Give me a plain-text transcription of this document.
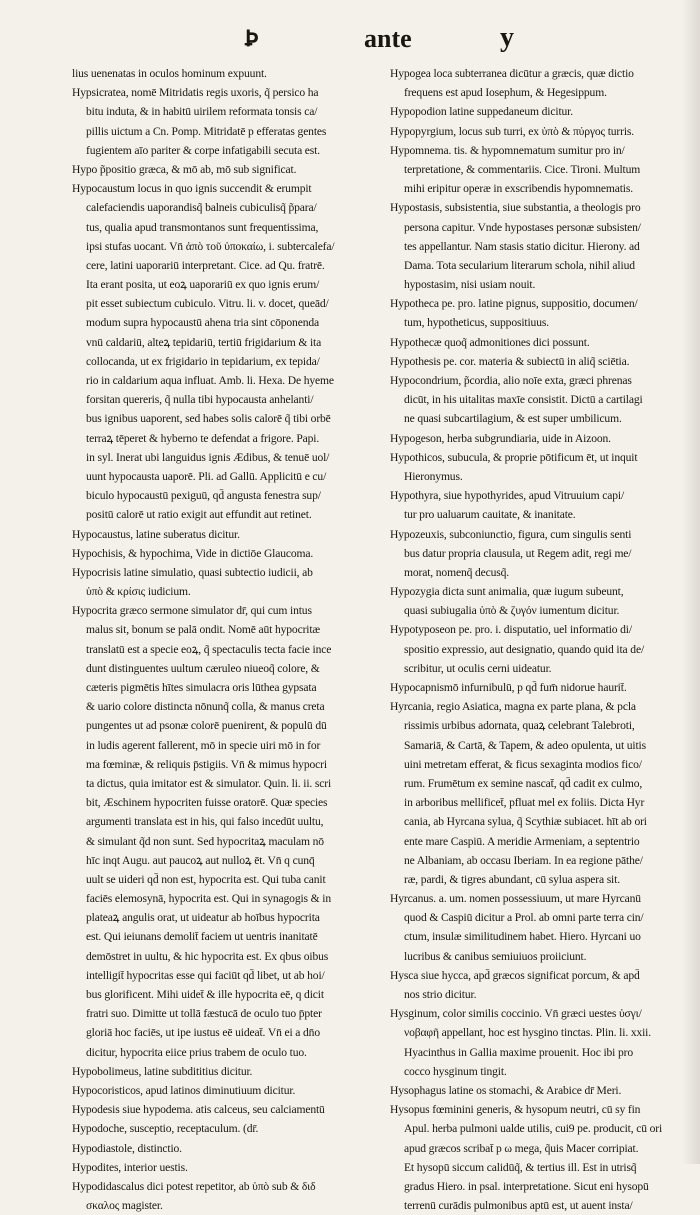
Ꝧ	ante	y
lius uenenatas in oculos hominum expuunt.
Hypsicratea, nomē Mitridatis regis uxoris, q̃ persico ha
bitu induta, & in habitū uirilem reformata tonsis ca/
pillis uictum a Cn. Pomp. Mitridatē p efferatas gentes
fugientem aīo pariter & corpe infatigabili secuta est.
Hypo p̃positio græca, & mō ab, mō sub significat.
Hypocaustum locus in quo ignis succendit & erumpit
calefaciendis uaporandisq̃ balneis cubiculisq̃ p̃para/
tus, qualia apud transmontanos sunt frequentissima,
ipsi stufas uocant. Vn̄ ἀπὸ τοῦ ὑποκαίω, i. subtercalefa/
cere, latini uaporariū interpretant. Cice. ad Qu. fratrē.
Ita erant posita, ut eoꝝ uaporariū ex quo ignis erum/
pit esset subiectum cubiculo. Vitru. li. v. docet, queād/
modum supra hypocaustū ahena tria sint cōponenda
vnū caldariū, alteꝝ tepidariū, tertiū frigidarium & ita
collocanda, ut ex frigidario in tepidarium, ex tepida/
rio in caldarium aqua influat. Amb. li. Hexa. De hyeme
forsitan quereris, q̃ nulla tibi hypocausta anhelanti/
bus ignibus uaporent, sed habes solis calorē q̃ tibi orbē
terraꝝ tēperet & hyberno te defendat a frigore. Papi.
in syl. Inerat ubi languidus ignis Ædibus, & tenuē uol/
uunt hypocausta uaporē. Pli. ad Gallū. Applicitū e cu/
biculo hypocaustū pexiguū, qd̄ angusta fenestra sup/
positū calorē ut ratio exigit aut effundit aut retinet.
Hypocaustus, latine suberatus dicitur.
Hypochisis, & hypochima, Vide in dictiōe Glaucoma.
Hypocrisis latine simulatio, quasi subtectio iudicii, ab
ὑπὸ & κρίσις iudicium.
Hypocrita græco sermone simulator dr̄, qui cum intus
malus sit, bonum se palā ondit. Nomē aūt hypocritæ
translatū est a specie eoꝝ, q̃ spectaculis tecta facie ince
dunt distinguentes uultum cæruleo niueoq̃ colore, &
cæteris pigmētis hītes simulacra oris lūthea gypsata
& uario colore distincta nōnunq̃ colla, & manus creta
pungentes ut ad psonæ colorē puenirent, & populū dū
in ludis agerent fallerent, mō in specie uiri mō in for
ma fœminæ, & reliquis p̄stigiis. Vn̄ & mimus hypocri
ta dictus, quia imitator est & simulator. Quin. li. ii. scri
bit, Æschinem hypocriten fuisse oratorē. Quæ species
argumenti translata est in his, qui falso incedūt uultu,
& simulant q̃d non sunt. Sed hypocritaꝝ maculam nō
hīc inqt Augu. aut paucoꝝ aut nulloꝝ ēt. Vn̄ q cunq̄
uult se uideri qd̄ non est, hypocrita est. Qui tuba canit
faciēs elemosynā, hypocrita est. Qui in synagogis & in
plateaꝝ angulis orat, ut uideatur ab hoībus hypocrita
est. Qui ieiunans demolit̄ faciem ut uentris inanitatē
demōstret in uultu, & hic hypocrita est. Ex qbus oibus
intelligit̄ hypocritas esse qui faciūt qd̄ libet, ut ab hoi/
bus glorificent. Mihi uidet̄ & ille hypocrita eē, q dicit
fratri suo. Dimitte ut tollā fæstucā de oculo tuo p̄pter
gloriā hoc faciēs, ut ipe iustus eē uideat̄. Vn̄ ei a dn̄o
dicitur, hypocrita eiice prius trabem de oculo tuo.
Hypobolimeus, latine subdititius dicitur.
Hypocoristicos, apud latinos diminutiuum dicitur.
Hypodesis siue hypodema. atis calceus, seu calciamentū
Hypodoche, susceptio, receptaculum. (dr̄.
Hypodiastole, distinctio.
Hypodites, interior uestis.
Hypodidascalus dici potest repetitor, ab ὑπὸ sub & διδ
σκαλος magister.
Hypogea loca subterranea dicūtur a græcis, quæ dictio
frequens est apud Iosephum, & Hegesippum.
Hypopodion latine suppedaneum dicitur.
Hypopyrgium, locus sub turri, ex ὑπὸ & πύργος turris.
Hypomnema. tis. & hypomnematum sumitur pro in/
terpretatione, & commentariis. Cice. Tironi. Multum
mihi eripitur operæ in exscribendis hypomnematis.
Hypostasis, subsistentia, siue substantia, a theologis pro
persona capitur. Vnde hypostases personæ subsisten/
tes appellantur. Nam stasis statio dicitur. Hierony. ad
Dama. Tota secularium literarum schola, nihil aliud
hypostasim, nisi usiam nouit.
Hypotheca pe. pro. latine pignus, suppositio, documen/
tum, hypotheticus, suppositiuus.
Hypothecæ quoq̃ admonitiones dici possunt.
Hypothesis pe. cor. materia & subiectū in aliq̃ sciētia.
Hypocondrium, p̃cordia, alio noīe exta, græci phrenas
dicūt, in his uitalitas maxīe consistit. Dictū a cartilagi
ne quasi subcartilagium, & est super umbilicum.
Hypogeson, herba subgrundiaria, uide in Aizoon.
Hypothicos, subucula, & proprie pōtificum ēt, ut inquit
Hieronymus.
Hypothyra, siue hypothyrides, apud Vitruuium capi/
tur pro ualuarum cauitate, & inanitate.
Hypozeuxis, subconiunctio, figura, cum singulis senti
bus datur propria clausula, ut Regem adit, regi me/
morat, nomenq̃ decusq̃.
Hypozygia dicta sunt animalia, quæ iugum subeunt,
quasi subiugalia ὑπὸ & ζυγόν iumentum dicitur.
Hypotyposeon pe. pro. i. disputatio, uel informatio di/
spositio expressio, aut designatio, quando quid ita de/
scribitur, ut oculis cerni uideatur.
Hypocapnismō infurnibulū, p qd̄ fum̄ nidorue haurit̄.
Hyrcania, regio Asiatica, magna ex parte plana, & pcla
rissimis urbibus adornata, quaꝝ celebrant Talebroti,
Samariā, & Cartā, & Tapem, & adeo opulenta, ut uitis
uini metretam efferat, & ficus sexaginta modios fico/
rum. Frumētum ex semine nascat̄, qd̄ cadit ex culmo,
in arboribus mellificet̄, pfluat mel ex foliis. Dicta Hyr
cania, ab Hyrcana sylua, q̃ Scythiæ subiacet. hīt ab ori
ente mare Caspiū. A meridie Armeniam, a septentrio
ne Albaniam, ab occasu Iberiam. In ea regione pāthe/
ræ, pardi, & tigres abundant, cū sylua aspera sit.
Hyrcanus. a. um. nomen possessiuum, ut mare Hyrcanū
quod & Caspiū dicitur a Prol. ab omni parte terra cin/
ctum, insulæ similitudinem habet. Hiero. Hyrcani uo
lucribus & canibus semiuiuos proiiciunt.
Hysca siue hycca, apd̄ græcos significat porcum, & apd̄
nos strio dicitur.
Hysginum, color similis coccinio. Vn̄ græci uestes ὑσγι/
νοβαφῆ appellant, hoc est hysgino tinctas. Plin. li. xxii.
Hyacinthus in Gallia maxime prouenit. Hoc ibi pro
cocco hysginum tingit.
Hysophagus latine os stomachi, & Arabice dr̄ Meri.
Hysopus fœminini generis, & hysopum neutri, cū sy fin
Apul. herba pulmoni ualde utilis, cui9 pe. producit, cū ori
apud græcos scribat̄ p ω mega, q̃uis Macer corripiat.
Et hysopū siccum calidūq̃, & tertius ill. Est in utrisq̃
gradus Hiero. in psal. interpretatione. Sicut eni hysopū
terrenū curādis pulmonibus aptū est, ut auent insta/
